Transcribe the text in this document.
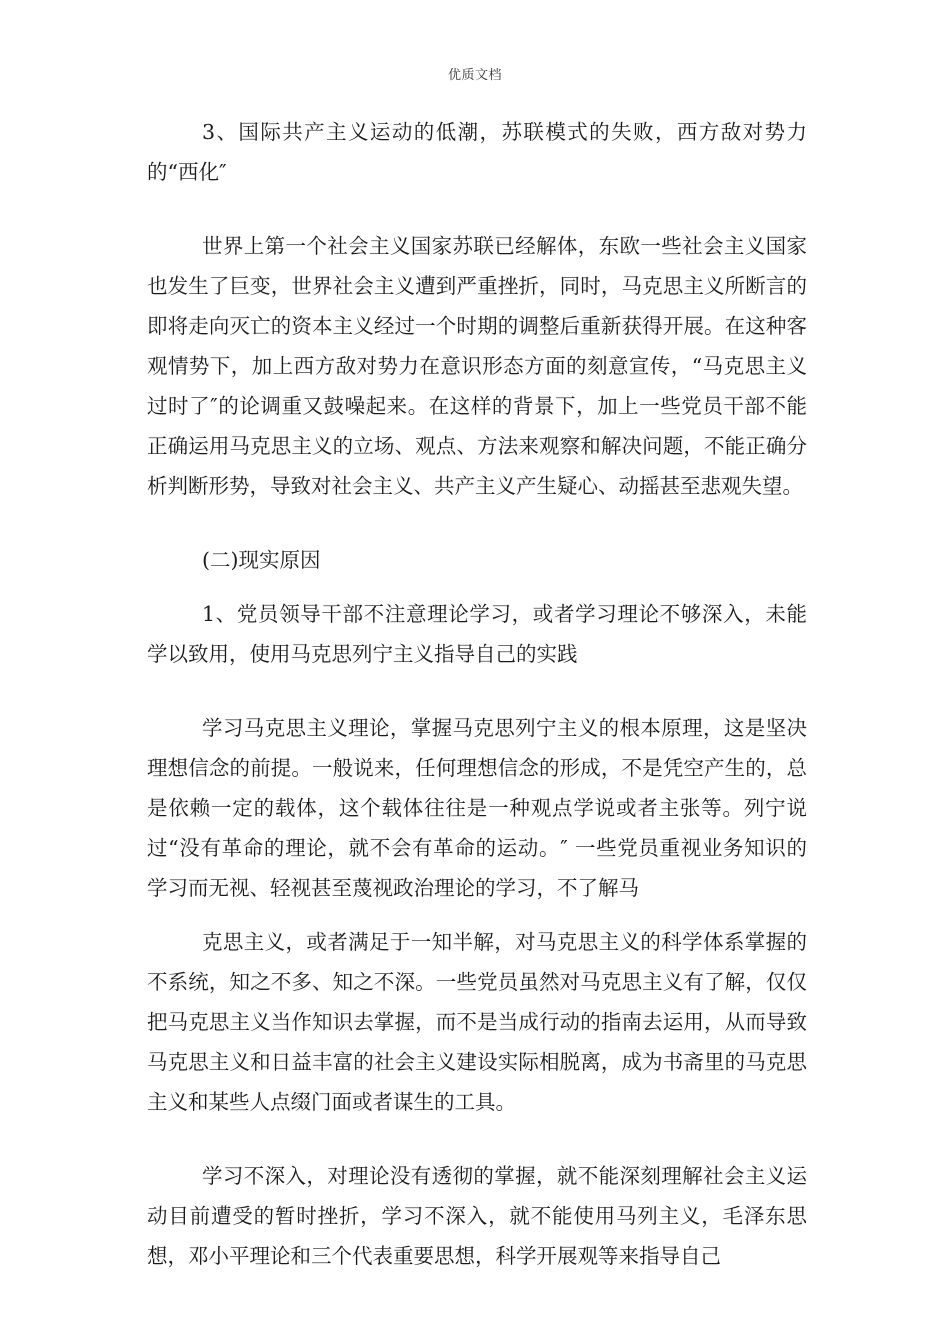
优质文档

3、国际共产主义运动的低潮，苏联模式的失败，西方敌对势力的“西化″

世界上第一个社会主义国家苏联已经解体，东欧一些社会主义国家也发生了巨变，世界社会主义遭到严重挫折，同时，马克思主义所断言的即将走向灭亡的资本主义经过一个时期的调整后重新获得开展。在这种客观情势下，加上西方敌对势力在意识形态方面的刻意宣传，“马克思主义过时了″的论调重又鼓噪起来。在这样的背景下，加上一些党员干部不能正确运用马克思主义的立场、观点、方法来观察和解决问题，不能正确分析判断形势，导致对社会主义、共产主义产生疑心、动摇甚至悲观失望。

(二)现实原因

1、党员领导干部不注意理论学习，或者学习理论不够深入，未能学以致用，使用马克思列宁主义指导自己的实践

学习马克思主义理论，掌握马克思列宁主义的根本原理，这是坚决理想信念的前提。一般说来，任何理想信念的形成，不是凭空产生的，总是依赖一定的载体，这个载体往往是一种观点学说或者主张等。列宁说过“没有革命的理论，就不会有革命的运动。″ 一些党员重视业务知识的学习而无视、轻视甚至蔑视政治理论的学习，不了解马

克思主义，或者满足于一知半解，对马克思主义的科学体系掌握的不系统，知之不多、知之不深。一些党员虽然对马克思主义有了解，仅仅把马克思主义当作知识去掌握，而不是当成行动的指南去运用，从而导致马克思主义和日益丰富的社会主义建设实际相脱离，成为书斋里的马克思主义和某些人点缀门面或者谋生的工具。

学习不深入，对理论没有透彻的掌握，就不能深刻理解社会主义运动目前遭受的暂时挫折，学习不深入，就不能使用马列主义，毛泽东思想，邓小平理论和三个代表重要思想，科学开展观等来指导自己
